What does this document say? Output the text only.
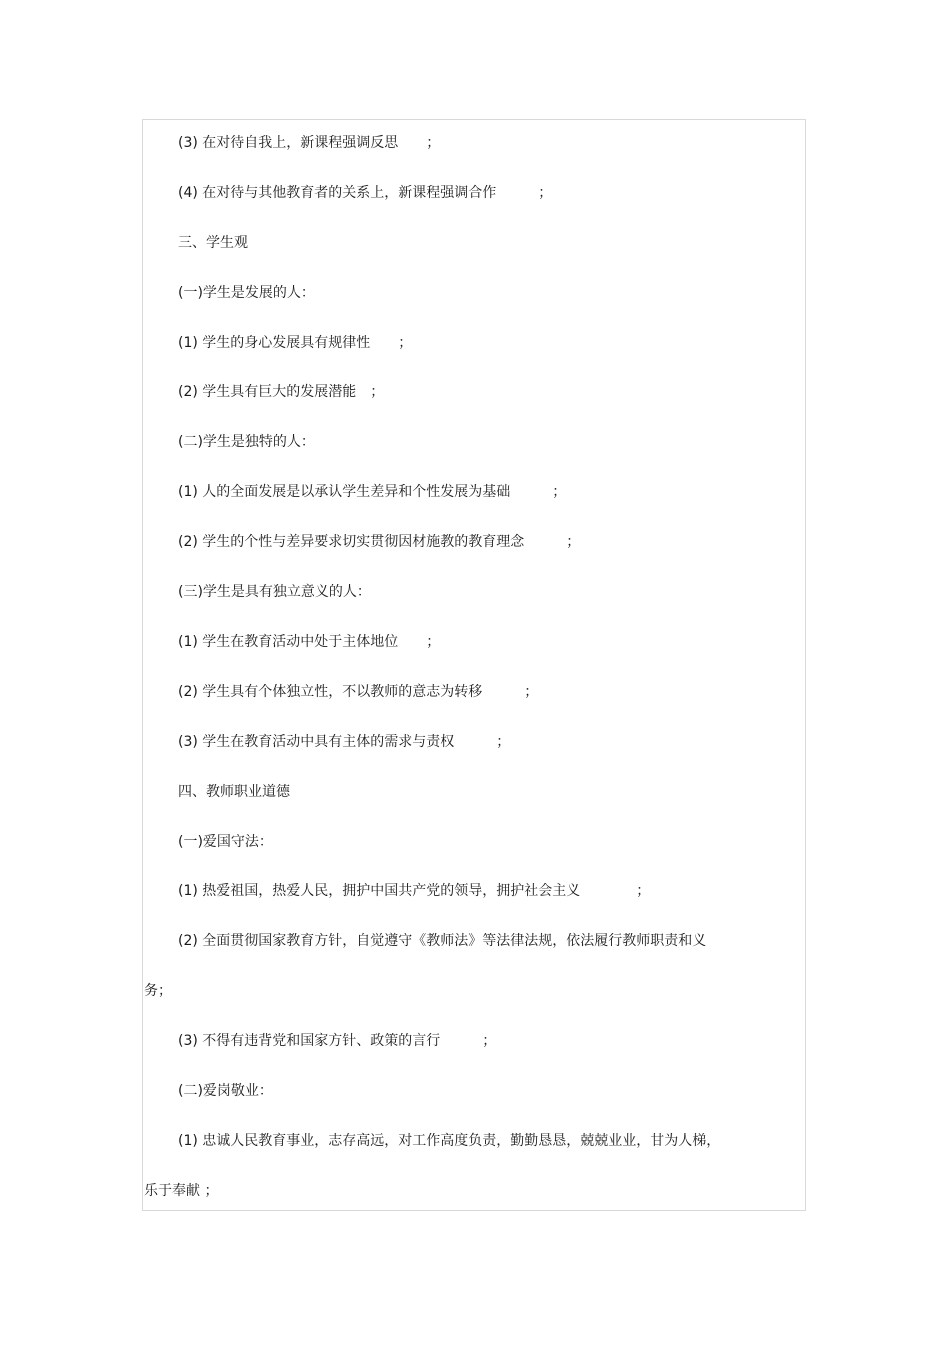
(3) 在对待自我上，新课程强调反思　　；
(4) 在对待与其他教育者的关系上，新课程强调合作　　　；
三、学生观
(一)学生是发展的人：
(1) 学生的身心发展具有规律性　　；
(2) 学生具有巨大的发展潜能　；
(二)学生是独特的人：
(1) 人的全面发展是以承认学生差异和个性发展为基础　　　；
(2) 学生的个性与差异要求切实贯彻因材施教的教育理念　　　；
(三)学生是具有独立意义的人：
(1) 学生在教育活动中处于主体地位　　；
(2) 学生具有个体独立性，不以教师的意志为转移　　　；
(3) 学生在教育活动中具有主体的需求与责权　　　；
四、教师职业道德
(一)爱国守法：
(1) 热爱祖国，热爱人民，拥护中国共产党的领导，拥护社会主义　　　　；
(2) 全面贯彻国家教育方针，自觉遵守《教师法》等法律法规，依法履行教师职责和义
务；
(3) 不得有违背党和国家方针、政策的言行　　　；
(二)爱岗敬业：
(1) 忠诚人民教育事业，志存高远，对工作高度负责，勤勤恳恳，兢兢业业，甘为人梯，
乐于奉献 ；
